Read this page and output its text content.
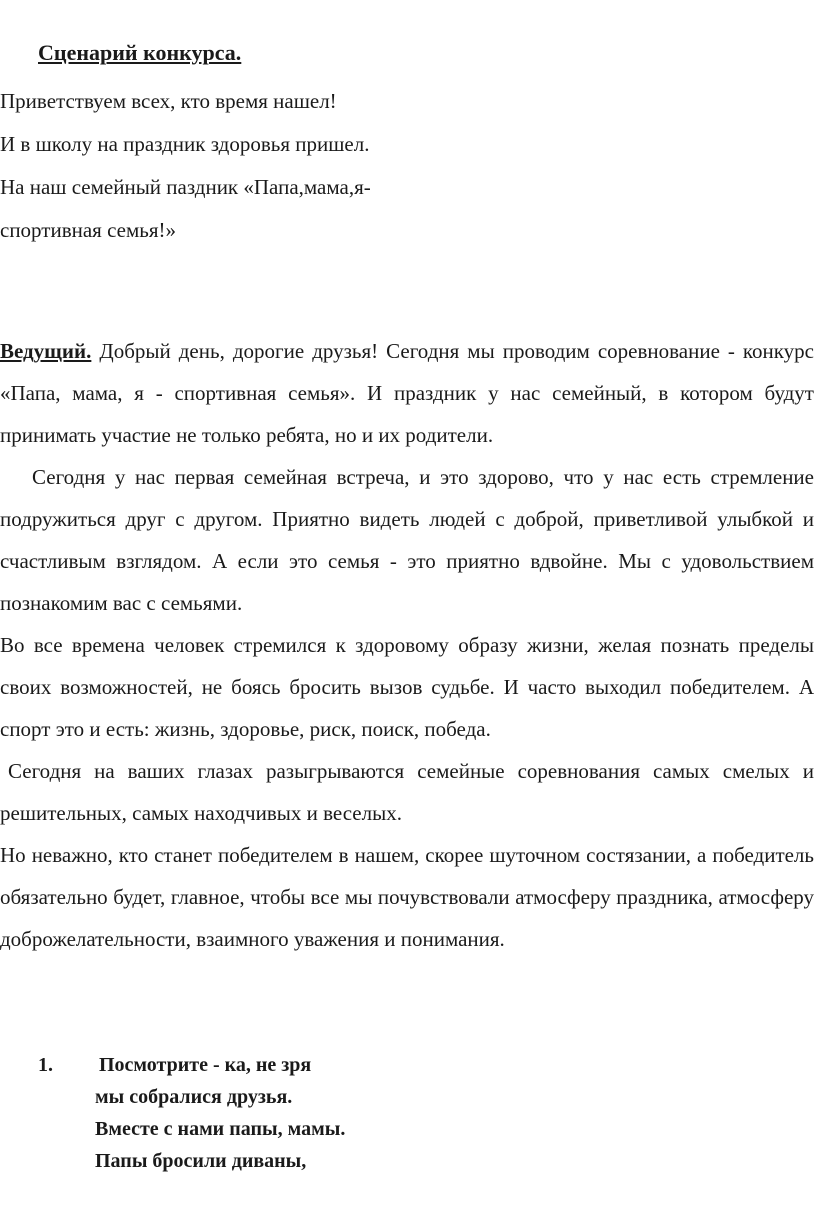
Сценарий конкурса.
Приветствуем всех, кто время нашел!
И в школу на праздник здоровья пришел.
На наш семейный паздник «Папа,мама,я-
спортивная семья!»

Ведущий. Добрый день, дорогие друзья! Сегодня мы проводим соревнование - конкурс «Папа, мама, я - спортивная семья». И праздник у нас семейный, в котором будут принимать участие не только ребята, но и их родители.

Сегодня у нас первая семейная встреча, и это здорово, что у нас есть стремление подружиться друг с другом. Приятно видеть людей с доброй, приветливой улыбкой и счастливым взглядом. А если это семья - это приятно вдвойне. Мы с удовольствием познакомим вас с семьями.

Во все времена человек стремился к здоровому образу жизни, желая познать пределы своих возможностей, не боясь бросить вызов судьбе. И часто выходил победителем. А спорт это и есть: жизнь, здоровье, риск, поиск, победа.

Сегодня на ваших глазах разыгрываются семейные соревнования самых смелых и решительных, самых находчивых и веселых.

Но неважно, кто станет победителем в нашем, скорее шуточном состязании, а победитель обязательно будет, главное, чтобы все мы почувствовали атмосферу праздника, атмосферу доброжелательности, взаимного уважения и понимания.

1.	Посмотрите - ка, не зря
мы собралися друзья.
Вместе с нами папы, мамы.
Папы бросили диваны,
